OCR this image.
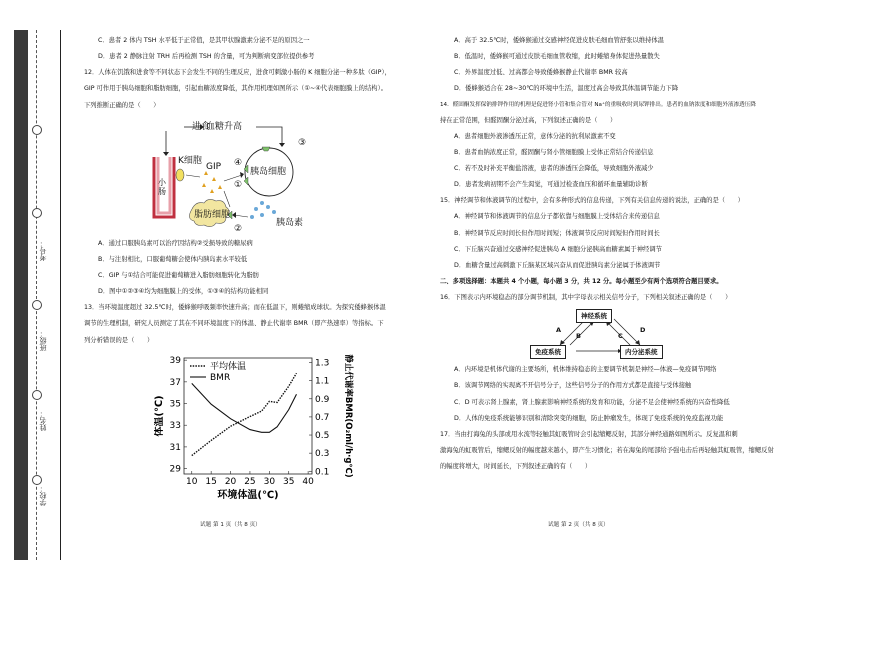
学校：
姓名：
班级：
考号：
C．患者 2 体内 TSH 水平低于正常值，是其甲状腺激素分泌不足的原因之一
D．患者 2 静脉注射 TRH 后再检测 TSH 的含量，可为判断病变部位提供参考
12．人体在饥饿和进食等不同状态下会发生不同的生理反应，进食可刺激小肠的 K 细胞分泌一种多肽（GIP），
GIP 可作用于胰岛细胞和脂肪细胞，引起血糖浓度降低，其作用机理如图所示（①~④代表细胞膜上的结构）。
下列推断正确的是（　　）
进食
血糖升高
K细胞
GIP
小肠
胰岛细胞
脂肪细胞
胰岛素
③
④
①
②
A．通过口服胰岛素可以治疗因结构②受损导致的糖尿病
B．与注射相比，口服葡萄糖会使体内胰岛素水平较低
C．GIP 与①结合可能促进葡萄糖进入脂肪细胞转化为脂肪
D．图中①②③④均为细胞膜上的受体，①③④的结构功能相同
13．当环境温度超过 32.5℃时，倭蜂猴呼吸频率快速升高；而在低温下，则蜷缩成球状。为探究倭蜂猴体温
调节的生理机制，研究人员测定了其在不同环境温度下的体温、静止代谢率 BMR（即产热速率）等指标。下
列分析错误的是（　　）
10 15 20 25 30 35 40
29
31
33
35
37
39
0.1
0.3
0.5
0.7
0.9
1.1
1.3
平均体温
BMR
环境体温(℃)
体温(℃)	静止代谢率BMR(O₂ml/h·g℃)
试题 第 1 页（共 8 页）
A．高于 32.5℃时，倭蜂猴通过交感神经促进皮肤毛细血管舒张以维持体温
B．低温时，倭蜂猴可通过皮肤毛细血管收缩，此时蜷缩身体促进热量散失
C．外界温度过低、过高都会导致倭蜂猴静止代谢率 BMR 较高
D．倭蜂猴适合在 28~30℃的环境中生活，温度过高会导致其体温调节能力下降
14．醛固酮发挥保钠排钾作用的机理是促进肾小管和集合管对 Na⁺的重吸收时到尿钾排出。患者的血钠浓度和细胞外液渗透压降
持在正常范围，但醛固酮分泌过高，下列叙述正确的是（　　）
A．患者细胞外液渗透压正常，意体分泌的抗利尿激素不变
B．患者血钠浓度正常，醛固酮与肾小管细胞膜上受体正常结合传递信息
C．若不及时补充平衡盐溶液，患者的渗透压会降低，导致细胞外液减少
D．患者发病初期不会产生渴觉，可通过检查血压和循环血量辅助诊断
15．神经调节和体液调节的过程中，会有多种形式的信息传递，下列有关信息传递的说法，正确的是（　　）
A．神经调节和体液调节的信息分子都依靠与细胞膜上受体结合来传递信息
B．神经调节反应时间长但作用时间短；体液调节反应时间短但作用时间长
C．下丘脑兴奋通过交感神经促进胰岛 A 细胞分泌胰高血糖素属于神经调节
D．血糖含量过高刺激下丘脑某区域兴奋从而促进胰岛素分泌属于体液调节
二、多项选择题：本题共 4 个小题，每小题 3 分，共 12 分。每小题至少有两个选项符合题目要求。
16．下图表示内环境稳态的部分调节机制，其中字母表示相关信号分子，下列相关叙述正确的是（　　）
神经系统
免疫系统	内分泌系统
A
B	C
D
A．内环境是机体代谢的主要场所，机体维持稳态的主要调节机制是神经—体液—免疫调节网络
B．该调节网络的实现离不开信号分子，这些信号分子的作用方式都是直接与受体接触
C．D 可表示肾上腺素，肾上腺素影响神经系统的发育和功能，分泌不足会使神经系统的兴奋性降低
D．人体的免疫系统能够识别和清除突变的细胞，防止肿瘤发生，体现了免疫系统的免疫监视功能
17．当由打海兔的头部或用水流等轻触其虹吸管时会引起缩鳃反射，其部分神经通路如图所示。反复温和刺
激海兔的虹吸管后，缩鳃反射的幅度越来越小，即产生习惯化；若在海兔的尾部给予强电击后再轻触其虹吸管，缩鳃反射
的幅度将增大，时间延长，下列叙述正确的有（　　）
试题 第 2 页（共 8 页）
